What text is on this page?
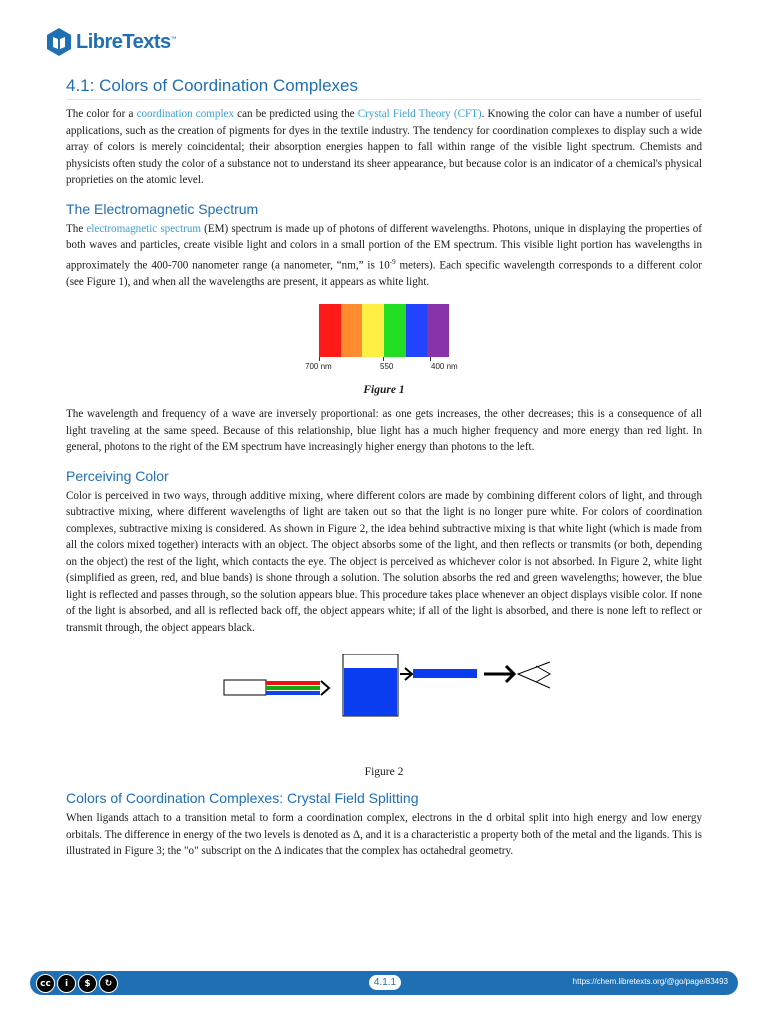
LibreTexts™
4.1: Colors of Coordination Complexes

The color for a coordination complex can be predicted using the Crystal Field Theory (CFT). Knowing the color can have a number of useful applications, such as the creation of pigments for dyes in the textile industry. The tendency for coordination complexes to display such a wide array of colors is merely coincidental; their absorption energies happen to fall within range of the visible light spectrum. Chemists and physicists often study the color of a substance not to understand its sheer appearance, but because color is an indicator of a chemical's physical proprieties on the atomic level.

The Electromagnetic Spectrum

The electromagnetic spectrum (EM) spectrum is made up of photons of different wavelengths. Photons, unique in displaying the properties of both waves and particles, create visible light and colors in a small portion of the EM spectrum. This visible light portion has wavelengths in approximately the 400-700 nanometer range (a nanometer, “nm,” is $10^{-9}$ meters). Each specific wavelength corresponds to a different color (see Figure 1), and when all the wavelengths are present, it appears as white light.

700 nm	550	400 nm
Figure 1

The wavelength and frequency of a wave are inversely proportional: as one gets increases, the other decreases; this is a consequence of all light traveling at the same speed. Because of this relationship, blue light has a much higher frequency and more energy than red light. In general, photons to the right of the EM spectrum have increasingly higher energy than photons to the left.

Perceiving Color

Color is perceived in two ways, through additive mixing, where different colors are made by combining different colors of light, and through subtractive mixing, where different wavelengths of light are taken out so that the light is no longer pure white. For colors of coordination complexes, subtractive mixing is considered. As shown in Figure 2, the idea behind subtractive mixing is that white light (which is made from all the colors mixed together) interacts with an object. The object absorbs some of the light, and then reflects or transmits (or both, depending on the object) the rest of the light, which contacts the eye. The object is perceived as whichever color is not absorbed. In Figure 2, white light (simplified as green, red, and blue bands) is shone through a solution. The solution absorbs the red and green wavelengths; however, the blue light is reflected and passes through, so the solution appears blue. This procedure takes place whenever an object displays visible color. If none of the light is absorbed, and all is reflected back off, the object appears white; if all of the light is absorbed, and there is none left to reflect or transmit through, the object appears black.

Figure 2
Colors of Coordination Complexes: Crystal Field Splitting

When ligands attach to a transition metal to form a coordination complex, electrons in the d orbital split into high energy and low energy orbitals. The difference in energy of the two levels is denoted as Δ, and it is a characteristic a property both of the metal and the ligands. This is illustrated in Figure 3; the "o" subscript on the Δ indicates that the complex has octahedral geometry.

cc	i	$	↻	4.1.1	https://chem.libretexts.org/@go/page/83493
